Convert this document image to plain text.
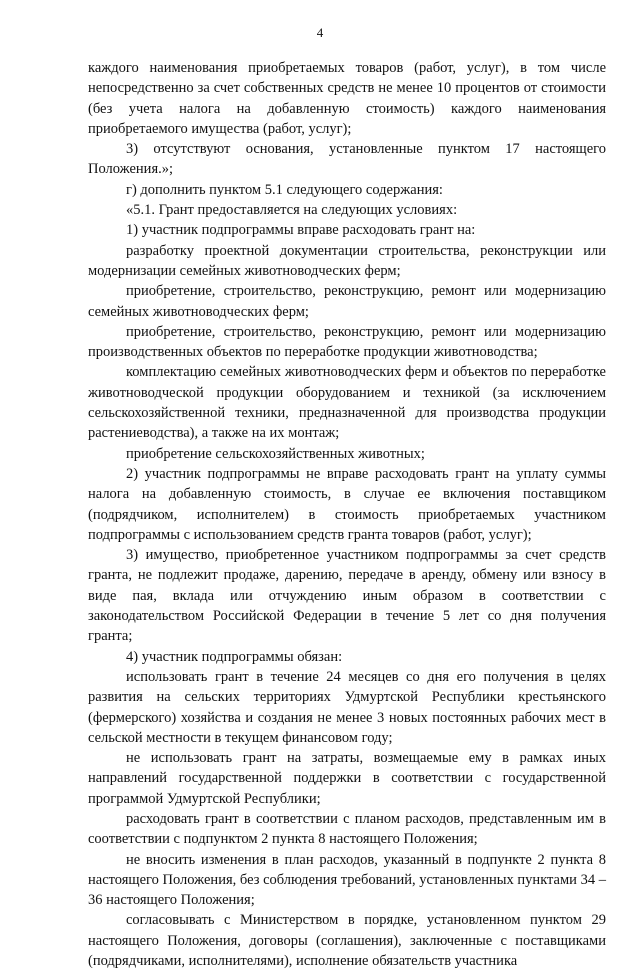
4

каждого наименования приобретаемых товаров (работ, услуг), в том числе непосредственно за счет собственных средств не менее 10 процентов от стоимости (без учета налога на добавленную стоимость) каждого наименования приобретаемого имущества (работ, услуг);

3) отсутствуют основания, установленные пунктом 17 настоящего Положения.»;

г) дополнить пунктом 5.1 следующего содержания:

«5.1. Грант предоставляется на следующих условиях:

1) участник подпрограммы вправе расходовать грант на:

разработку проектной документации строительства, реконструкции или модернизации семейных животноводческих ферм;

приобретение, строительство, реконструкцию, ремонт или модернизацию семейных животноводческих ферм;

приобретение, строительство, реконструкцию, ремонт или модернизацию производственных объектов по переработке продукции животноводства;

комплектацию семейных животноводческих ферм и объектов по переработке животноводческой продукции оборудованием и техникой (за исключением сельскохозяйственной техники, предназначенной для производства продукции растениеводства), а также на их монтаж;

приобретение сельскохозяйственных животных;

2) участник подпрограммы не вправе расходовать грант на уплату суммы налога на добавленную стоимость, в случае ее включения поставщиком (подрядчиком, исполнителем) в стоимость приобретаемых участником подпрограммы с использованием средств гранта товаров (работ, услуг);

3) имущество, приобретенное участником подпрограммы за счет средств гранта, не подлежит продаже, дарению, передаче в аренду, обмену или взносу в виде пая, вклада или отчуждению иным образом в соответствии с законодательством Российской Федерации в течение 5 лет со дня получения гранта;

4) участник подпрограммы обязан:

использовать грант в течение 24 месяцев со дня его получения в целях развития на сельских территориях Удмуртской Республики крестьянского (фермерского) хозяйства и создания не менее 3 новых постоянных рабочих мест в сельской местности в текущем финансовом году;

не использовать грант на затраты, возмещаемые ему в рамках иных направлений государственной поддержки в соответствии с государственной программой Удмуртской Республики;

расходовать грант в соответствии с планом расходов, представленным им в соответствии с подпунктом 2 пункта 8 настоящего Положения;

не вносить изменения в план расходов, указанный в подпункте 2 пункта 8 настоящего Положения, без соблюдения требований, установленных пунктами 34 – 36 настоящего Положения;

согласовывать с Министерством в порядке, установленном пунктом 29 настоящего Положения, договоры (соглашения), заключенные с поставщиками (подрядчиками, исполнителями), исполнение обязательств участника
